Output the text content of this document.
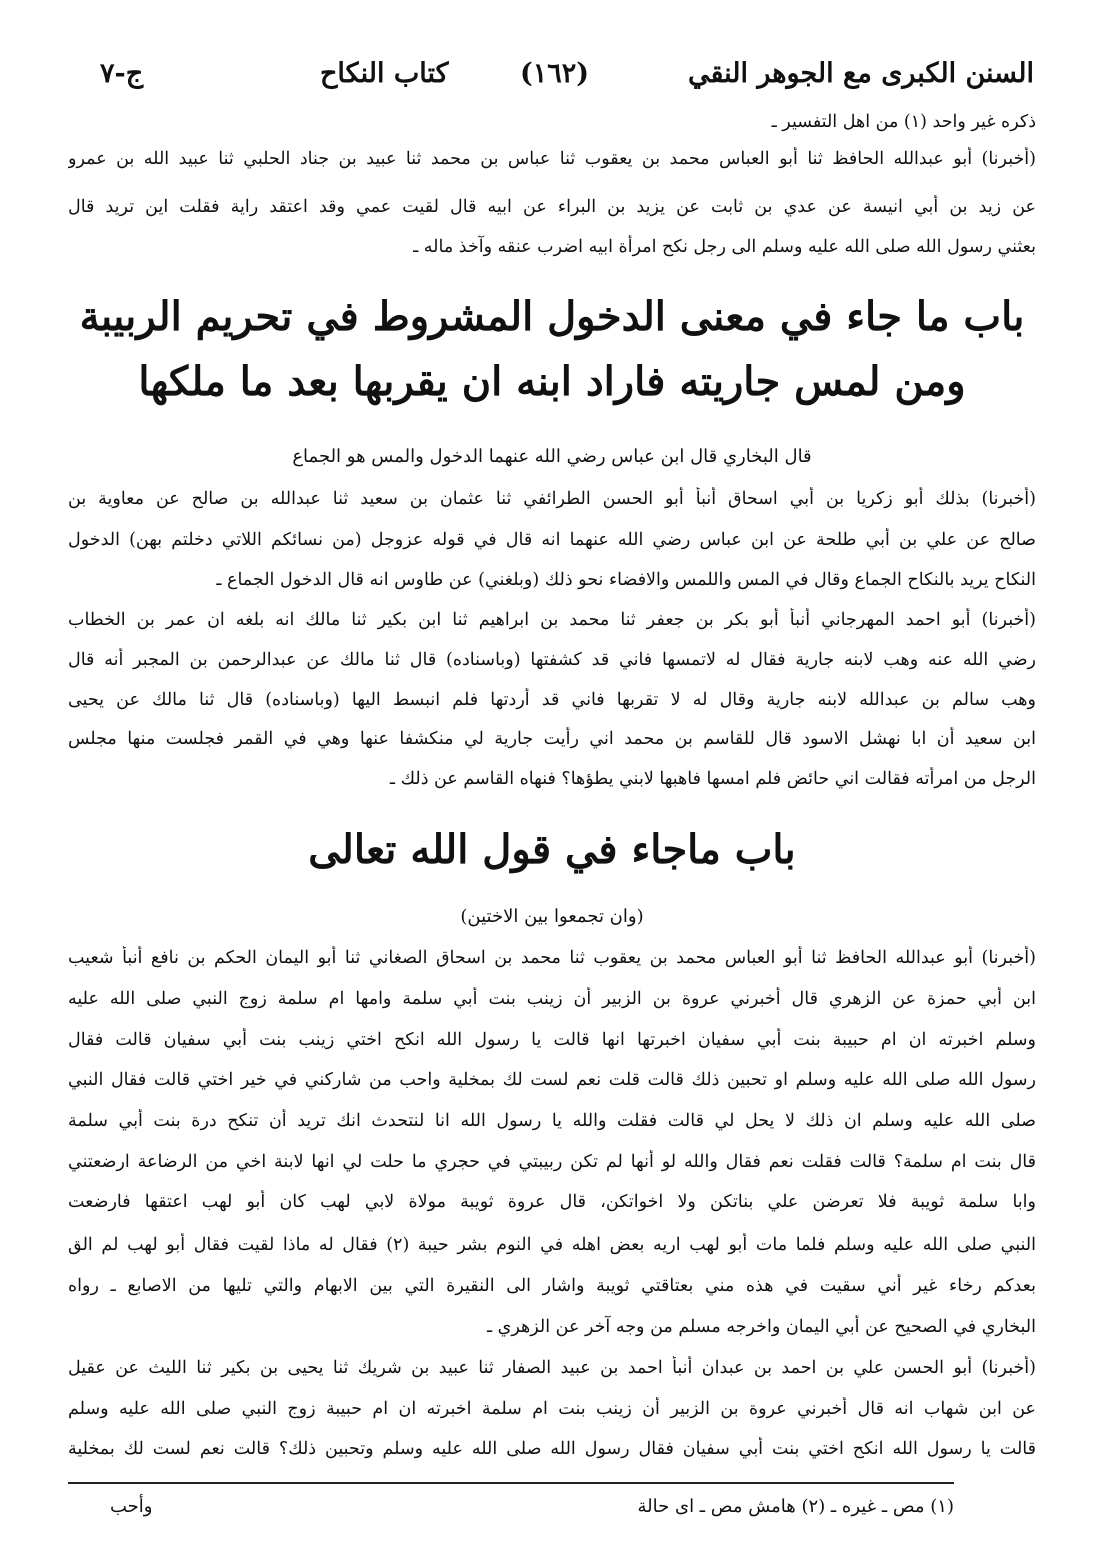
السنن الكبرى مع الجوهر النقي
(١٦٢)
كتاب النكاح
ج-٧
ذكره غير واحد (١) من اهل التفسير ـ
(أخبرنا) أبو عبدالله الحافظ ثنا أبو العباس محمد بن يعقوب ثنا عباس بن محمد ثنا عبيد بن جناد الحلبي ثنا عبيد الله بن عمرو
عن زيد بن أبي انيسة عن عدي بن ثابت عن يزيد بن البراء عن ابيه قال لقيت عمي وقد اعتقد راية فقلت اين تريد قال
بعثني رسول الله صلى الله عليه وسلم الى رجل نكح امرأة ابيه اضرب عنقه وآخذ ماله ـ
باب ما جاء في معنى الدخول المشروط في تحريم الربيبة
ومن لمس جاريته فاراد ابنه ان يقربها بعد ما ملكها
قال البخاري قال ابن عباس رضي الله عنهما الدخول والمس هو الجماع
(أخبرنا) بذلك أبو زكريا بن أبي اسحاق أنبأ أبو الحسن الطرائفي ثنا عثمان بن سعيد ثنا عبدالله بن صالح عن معاوية بن
صالح عن علي بن أبي طلحة عن ابن عباس رضي الله عنهما انه قال في قوله عزوجل (من نسائكم اللاتي دخلتم بهن) الدخول
النكاح يريد بالنكاح الجماع وقال في المس واللمس والافضاء نحو ذلك (وبلغني) عن طاوس انه قال الدخول الجماع ـ
(أخبرنا) أبو احمد المهرجاني أنبأ أبو بكر بن جعفر ثنا محمد بن ابراهيم ثنا ابن بكير ثنا مالك انه بلغه ان عمر بن الخطاب
رضي الله عنه وهب لابنه جارية فقال له لاتمسها فاني قد كشفتها (وباسناده) قال ثنا مالك عن عبدالرحمن بن المجبر أنه قال
وهب سالم بن عبدالله لابنه جارية وقال له لا تقربها فاني قد أردتها فلم انبسط اليها (وباسناده) قال ثنا مالك عن يحيى
ابن سعيد أن ابا نهشل الاسود قال للقاسم بن محمد اني رأيت جارية لي منكشفا عنها وهي في القمر فجلست منها مجلس
الرجل من امرأته فقالت اني حائض فلم امسها فاهبها لابني يطؤها؟ فنهاه القاسم عن ذلك ـ
باب ماجاء في قول الله تعالى
(وان تجمعوا بين الاختين)
(أخبرنا) أبو عبدالله الحافظ ثنا أبو العباس محمد بن يعقوب ثنا محمد بن اسحاق الصغاني ثنا أبو اليمان الحكم بن نافع أنبأ شعيب
ابن أبي حمزة عن الزهري قال أخبرني عروة بن الزبير أن زينب بنت أبي سلمة وامها ام سلمة زوج النبي صلى الله عليه
وسلم اخبرته ان ام حبيبة بنت أبي سفيان اخبرتها انها قالت يا رسول الله انكح اختي زينب بنت أبي سفيان قالت فقال
رسول الله صلى الله عليه وسلم او تحبين ذلك قالت قلت نعم لست لك بمخلية واحب من شاركني في خير اختي قالت فقال النبي
صلى الله عليه وسلم ان ذلك لا يحل لي قالت فقلت والله يا رسول الله انا لنتحدث انك تريد أن تنكح درة بنت أبي سلمة
قال بنت ام سلمة؟ قالت فقلت نعم فقال والله لو أنها لم تكن ربيبتي في حجري ما حلت لي انها لابنة اخي من الرضاعة ارضعتني
وابا سلمة ثويبة فلا تعرضن علي بناتكن ولا اخواتكن، قال عروة ثويبة مولاة لابي لهب كان أبو لهب اعتقها فارضعت
النبي صلى الله عليه وسلم فلما مات أبو لهب اريه بعض اهله في النوم بشر حيبة (٢) فقال له ماذا لقيت فقال أبو لهب لم الق
بعدكم رخاء غير أني سقيت في هذه مني بعتاقتي ثويبة واشار الى النقيرة التي بين الابهام والتي تليها من الاصابع ـ رواه
البخاري في الصحيح عن أبي اليمان واخرجه مسلم من وجه آخر عن الزهري ـ
(أخبرنا) أبو الحسن علي بن احمد بن عبدان أنبأ احمد بن عبيد الصفار ثنا عبيد بن شريك ثنا يحيى بن بكير ثنا الليث عن عقيل
عن ابن شهاب انه قال أخبرني عروة بن الزبير أن زينب بنت ام سلمة اخبرته ان ام حبيبة زوج النبي صلى الله عليه وسلم
قالت يا رسول الله انكح اختي بنت أبي سفيان فقال رسول الله صلى الله عليه وسلم وتحبين ذلك؟ قالت نعم لست لك بمخلية
(١) مص ـ غيره ـ (٢) هامش مص ـ اى حالة
وأحب
